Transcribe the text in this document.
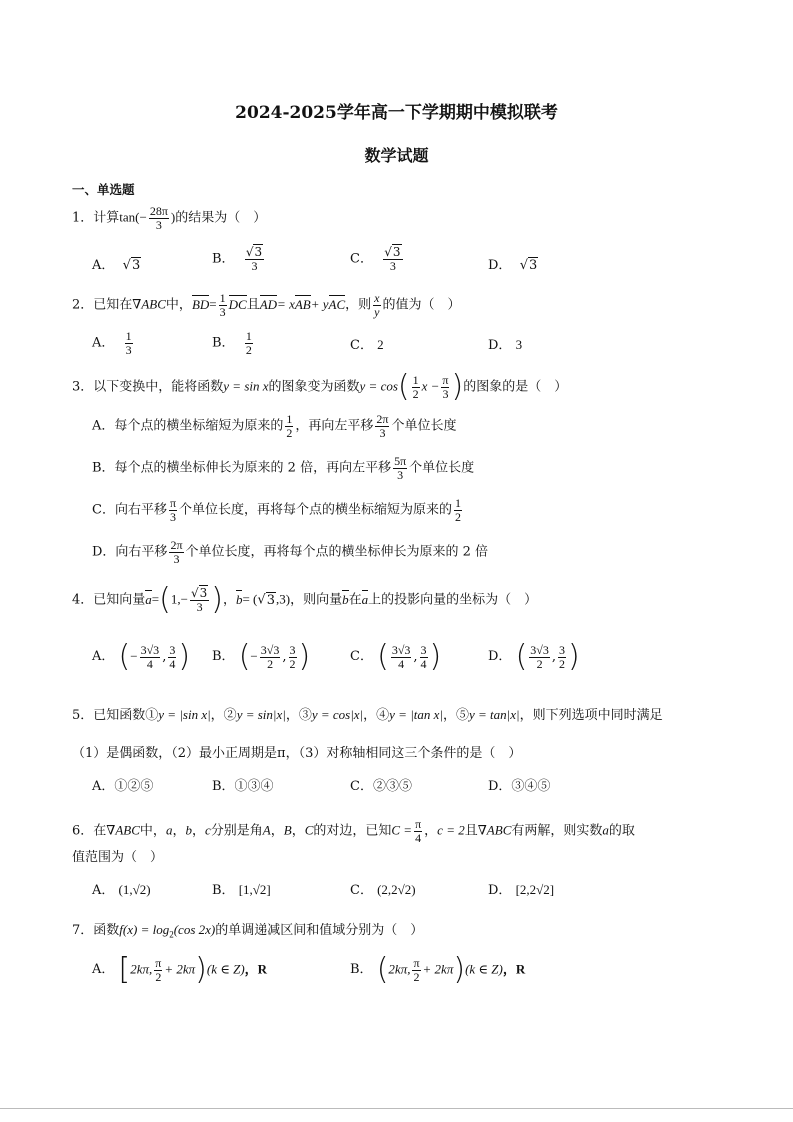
2024-2025学年高一下学期期中模拟联考
数学试题
一、单选题
1．计算$\tan(- \frac{28\pi}{3}$ )的结果为（　）
A． √3	B． $\frac{√3}{3}$	C． $\frac{√3}{3}$	D． √3
2．已知在∇ABC中，$BD= \frac{1}{3}$ DC且AD= xAB+ yAC，则 $\frac{x}{y}$ 的值为（　）
A． $\frac{1}{3}$	B． $\frac{1}{2}$	C． 2	D． 3
3．以下变换中，能将函数y = sin x的图象变为函数$y = \cos( \frac{1}{2}$ $x - \frac{\pi}{3}$ )的图象的是（　）
A．每个点的横坐标缩短为原来的 $\frac{1}{2}$ ，再向左平移 $\frac{2\pi}{3}$ 个单位长度
B．每个点的横坐标伸长为原来的 2 倍，再向左平移 $\frac{5\pi}{3}$ 个单位长度
C．向右平移 $\frac{\pi}{3}$ 个单位长度，再将每个点的横坐标缩短为原来的 $\frac{1}{2}$
D．向右平移 $\frac{2\pi}{3}$ 个单位长度，再将每个点的横坐标伸长为原来的 2 倍
4．已知向量$a=(1,- \frac{√3}{3}$ )，b= (√3,3)，则向量b在a上的投影向量的坐标为（　）
A． (− $\frac{3√3}{4}$ , $\frac{3}{4}$ ) B． (− $\frac{3√3}{2}$ , $\frac{3}{2}$ )	C． ( $\frac{3√3}{4}$ , $\frac{3}{4}$ )	D． ( $\frac{3√3}{2}$ , $\frac{3}{2}$ )
5．已知函数①y = |sin x|，②y = sin|x|，③y = cos|x|，④y = |tan x|，⑤y = tan|x|，则下列选项中同时满足
（1）是偶函数，（2）最小正周期是π，（3）对称轴相同这三个条件的是（　）
A．①②⑤	B．①③④	C．②③⑤	D．③④⑤
6．在∇ABC中，a，b，c分别是角A，B，C的对边，已知$C = \frac{\pi}{4}$ ，c = 2且∇ABC有两解，则实数a的取
值范围为（　）
A． (1,√2)	B． [1,√2]	C． (2,2√2)	D． [2,2√2]
7．函数$f(x) = \log_2(\cos$ 2x)的单调递减区间和值域分别为（　）
A． [2kπ, $\frac{\pi}{2} + 2k\pi)(k$ ∈ Z)，R	B． (2kπ, $\frac{\pi}{2} + 2k\pi)(k$ ∈ Z)，R
